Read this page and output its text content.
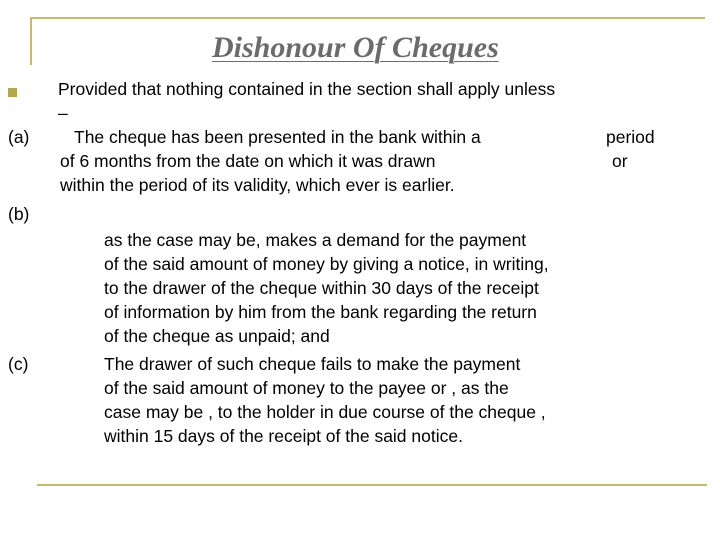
Dishonour Of Cheques
Provided that nothing contained in the section shall apply unless
–
(a)	The cheque has been presented in the bank within a
of 6 months from the date on which it was drawn
within the period of its validity, which ever is earlier.
period
or
(b)
as the case may be, makes a demand for the payment
of the said amount of money by giving a notice, in writing,
to the drawer of the cheque within 30 days of the receipt
of information by him from the bank regarding the return
of the cheque as unpaid; and
(c)	The drawer of such cheque fails to make the payment
of the said amount of money to the payee or , as the
case may be , to the holder in due course of the cheque ,
within 15 days of the receipt of the said notice.
